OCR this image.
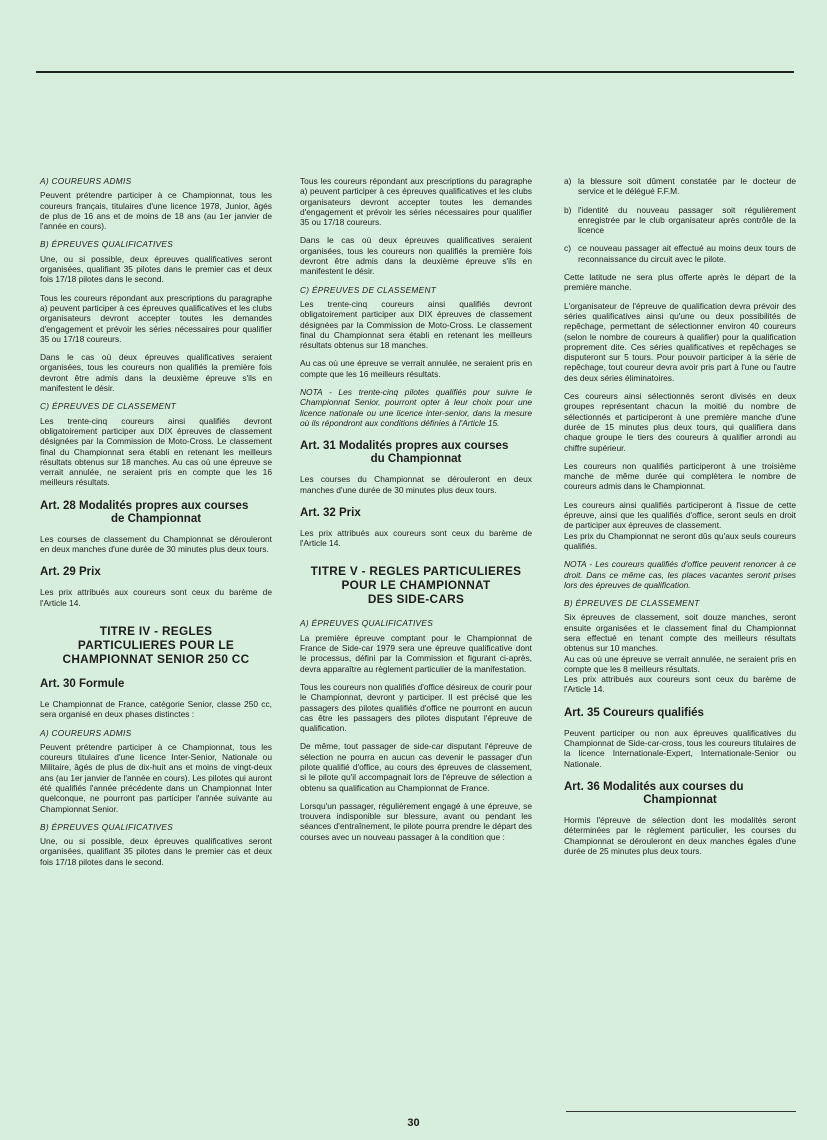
A) COUREURS ADMIS

Peuvent prétendre participer à ce Championnat, tous les coureurs français, titulaires d'une licence 1978, Junior, âgés de plus de 16 ans et de moins de 18 ans (au 1er janvier de l'année en cours).

B) ÉPREUVES QUALIFICATIVES

Une, ou si possible, deux épreuves qualificatives seront organisées, qualifiant 35 pilotes dans le premier cas et deux fois 17/18 pilotes dans le second.

Tous les coureurs répondant aux prescriptions du paragraphe a) peuvent participer à ces épreuves qualificatives et les clubs organisateurs devront accepter toutes les demandes d'engagement et prévoir les séries nécessaires pour qualifier 35 ou 17/18 coureurs.

Dans le cas où deux épreuves qualificatives seraient organisées, tous les coureurs non qualifiés la première fois devront être admis dans la deuxième épreuve s'ils en manifestent le désir.

C) ÉPREUVES DE CLASSEMENT

Les trente-cinq coureurs ainsi qualifiés devront obligatoirement participer aux DIX épreuves de classement désignées par la Commission de Moto-Cross. Le classement final du Championnat sera établi en retenant les meilleurs résultats obtenus sur 18 manches. Au cas où une épreuve se verrait annulée, ne seraient pris en compte que les 16 meilleurs résultats.

Art. 28 Modalités propres aux courses
de Championnat

Les courses de classement du Championnat se dérouleront en deux manches d'une durée de 30 minutes plus deux tours.

Art. 29 Prix

Les prix attribués aux coureurs sont ceux du barème de l'Article 14.

TITRE IV - REGLES
PARTICULIERES POUR LE
CHAMPIONNAT SENIOR 250 CC
Art. 30 Formule

Le Championnat de France, catégorie Senior, classe 250 cc, sera organisé en deux phases distinctes :

A) COUREURS ADMIS

Peuvent prétendre participer à ce Championnat, tous les coureurs titulaires d'une licence Inter-Senior, Nationale ou Militaire, âgés de plus de dix-huit ans et moins de vingt-deux ans (au 1er janvier de l'année en cours). Les pilotes qui auront été qualifiés l'année précédente dans un Championnat Inter quelconque, ne pourront pas participer l'année suivante au Championnat Senior.

B) ÉPREUVES QUALIFICATIVES

Une, ou si possible, deux épreuves qualificatives seront organisées, qualifiant 35 pilotes dans le premier cas et deux fois 17/18 pilotes dans le second.

Tous les coureurs répondant aux prescriptions du paragraphe a) peuvent participer à ces épreuves qualificatives et les clubs organisateurs devront accepter toutes les demandes d'engagement et prévoir les séries nécessaires pour qualifier 35 ou 17/18 coureurs.

Dans le cas où deux épreuves qualificatives seraient organisées, tous les coureurs non qualifiés la première fois devront être admis dans la deuxième épreuve s'ils en manifestent le désir.

C) ÉPREUVES DE CLASSEMENT

Les trente-cinq coureurs ainsi qualifiés devront obligatoirement participer aux DIX épreuves de classement désignées par la Commission de Moto-Cross. Le classement final du Championnat sera établi en retenant les meilleurs résultats obtenus sur 18 manches.

Au cas où une épreuve se verrait annulée, ne seraient pris en compte que les 16 meilleurs résultats.

NOTA - Les trente-cinq pilotes qualifiés pour suivre le Championnat Senior, pourront opter à leur choix pour une licence nationale ou une licence inter-senior, dans la mesure où ils répondront aux conditions définies à l'Article 15.

Art. 31 Modalités propres aux courses
du Championnat

Les courses du Championnat se dérouleront en deux manches d'une durée de 30 minutes plus deux tours.

Art. 32 Prix

Les prix attribués aux coureurs sont ceux du barème de l'Article 14.

TITRE V - REGLES PARTICULIERES
POUR LE CHAMPIONNAT
DES SIDE-CARS
A) ÉPREUVES QUALIFICATIVES

La première épreuve comptant pour le Championnat de France de Side-car 1979 sera une épreuve qualificative dont le processus, défini par la Commission et figurant ci-après, devra apparaître au règlement particulier de la manifestation.

Tous les coureurs non qualifiés d'office désireux de courir pour le Championnat, devront y participer. Il est précisé que les passagers des pilotes qualifiés d'office ne pourront en aucun cas être les passagers des pilotes disputant l'épreuve de qualification.

De même, tout passager de side-car disputant l'épreuve de sélection ne pourra en aucun cas devenir le passager d'un pilote qualifié d'office, au cours des épreuves de classement, si le pilote qu'il accompagnait lors de l'épreuve de sélection a obtenu sa qualification au Championnat de France.

Lorsqu'un passager, régulièrement engagé à une épreuve, se trouvera indisponible sur blessure, avant ou pendant les séances d'entraînement, le pilote pourra prendre le départ des courses avec un nouveau passager à la condition que :

a) la blessure soit dûment constatée par le docteur de service et le délégué F.F.M.
b) l'identité du nouveau passager soit régulièrement enregistrée par le club organisateur après contrôle de la licence
c) ce nouveau passager ait effectué au moins deux tours de reconnaissance du circuit avec le pilote.

Cette latitude ne sera plus offerte après le départ de la première manche.

L'organisateur de l'épreuve de qualification devra prévoir des séries qualificatives ainsi qu'une ou deux possibilités de repêchage, permettant de sélectionner environ 40 coureurs (selon le nombre de coureurs à qualifier) pour la qualification proprement dite. Ces séries qualificatives et repêchages se disputeront sur 5 tours. Pour pouvoir participer à la série de repêchage, tout coureur devra avoir pris part à l'une ou l'autre des deux séries éliminatoires.

Ces coureurs ainsi sélectionnés seront divisés en deux groupes représentant chacun la moitié du nombre de sélectionnés et participeront à une première manche d'une durée de 15 minutes plus deux tours, qui qualifiera dans chaque groupe le tiers des coureurs à qualifier arrondi au chiffre supérieur.

Les coureurs non qualifiés participeront à une troisième manche de même durée qui complètera le nombre de coureurs admis dans le Championnat.

Les coureurs ainsi qualifiés participeront à l'issue de cette épreuve, ainsi que les qualifiés d'office, seront seuls en droit de participer aux épreuves de classement.

Les prix du Championnat ne seront dûs qu'aux seuls coureurs qualifiés.

NOTA - Les coureurs qualifiés d'office peuvent renoncer à ce droit. Dans ce même cas, les places vacantes seront prises lors des épreuves de qualification.

B) ÉPREUVES DE CLASSEMENT

Six épreuves de classement, soit douze manches, seront ensuite organisées et le classement final du Championnat sera effectué en tenant compte des meilleurs résultats obtenus sur 10 manches.

Au cas où une épreuve se verrait annulée, ne seraient pris en compte que les 8 meilleurs résultats.

Les prix attribués aux coureurs sont ceux du barème de l'Article 14.

Art. 35 Coureurs qualifiés

Peuvent participer ou non aux épreuves qualificatives du Championnat de Side-car-cross, tous les coureurs titulaires de la licence Internationale-Expert, Internationale-Senior ou Nationale.

Art. 36 Modalités aux courses du
Championnat

Hormis l'épreuve de sélection dont les modalités seront déterminées par le règlement particulier, les courses du Championnat se dérouleront en deux manches égales d'une durée de 25 minutes plus deux tours.

30
